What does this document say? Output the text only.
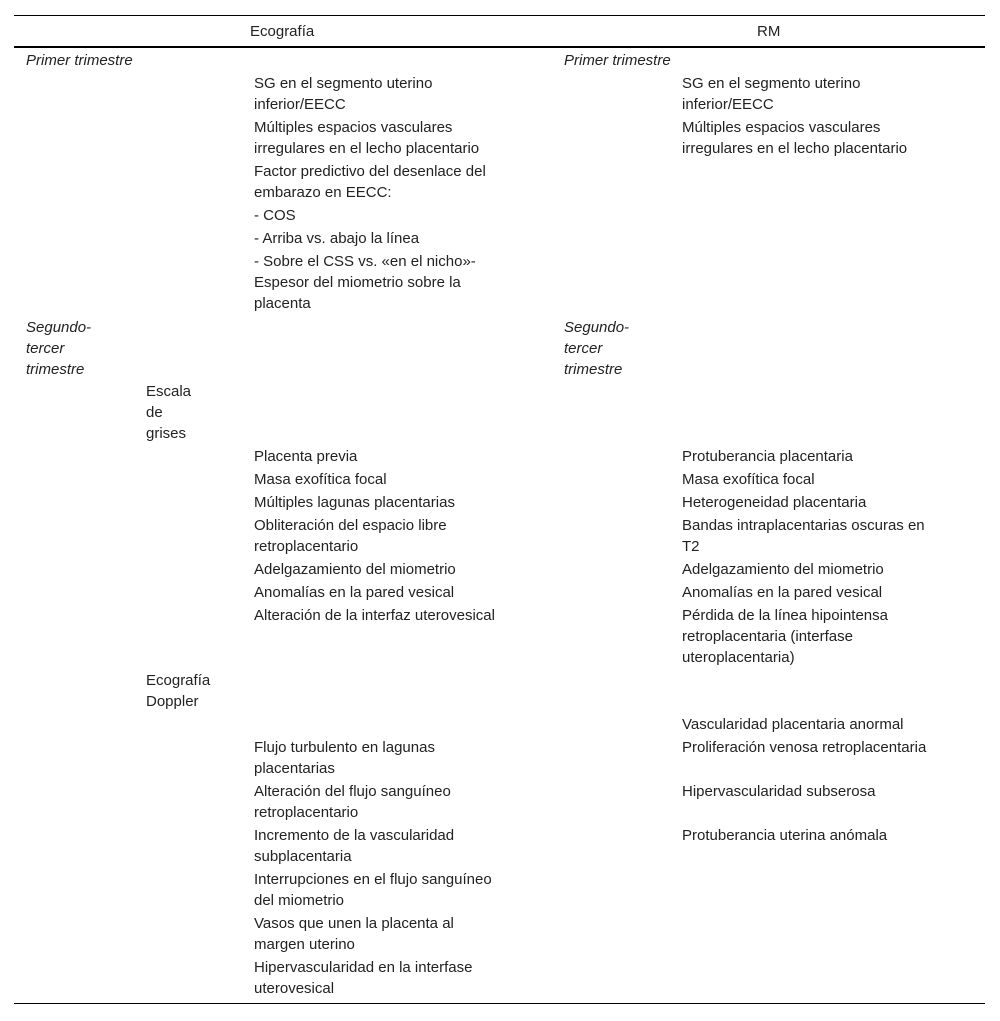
Ecografía	RM
Primer trimestre
Segundo-
tercer
trimestre
Escala
de
grises
Ecografía
Doppler
Primer trimestre
Segundo-
tercer
trimestre
SG en el segmento uterino
inferior/EECC
Múltiples espacios vasculares
irregulares en el lecho placentario
Factor predictivo del desenlace del
embarazo en EECC:
- COS
- Arriba vs. abajo la línea
- Sobre el CSS vs. «en el nicho»-
Espesor del miometrio sobre la
placenta
Placenta previa
Masa exofítica focal
Múltiples lagunas placentarias
Obliteración del espacio libre
retroplacentario
Adelgazamiento del miometrio
Anomalías en la pared vesical
Alteración de la interfaz uterovesical
Flujo turbulento en lagunas
placentarias
Alteración del flujo sanguíneo
retroplacentario
Incremento de la vascularidad
subplacentaria
Interrupciones en el flujo sanguíneo
del miometrio
Vasos que unen la placenta al
margen uterino
Hipervascularidad en la interfase
uterovesical
SG en el segmento uterino
inferior/EECC
Múltiples espacios vasculares
irregulares en el lecho placentario
Protuberancia placentaria
Masa exofítica focal
Heterogeneidad placentaria
Bandas intraplacentarias oscuras en
T2
Adelgazamiento del miometrio
Anomalías en la pared vesical
Pérdida de la línea hipointensa
retroplacentaria (interfase
uteroplacentaria)
Vascularidad placentaria anormal
Proliferación venosa retroplacentaria
Hipervascularidad subserosa
Protuberancia uterina anómala
